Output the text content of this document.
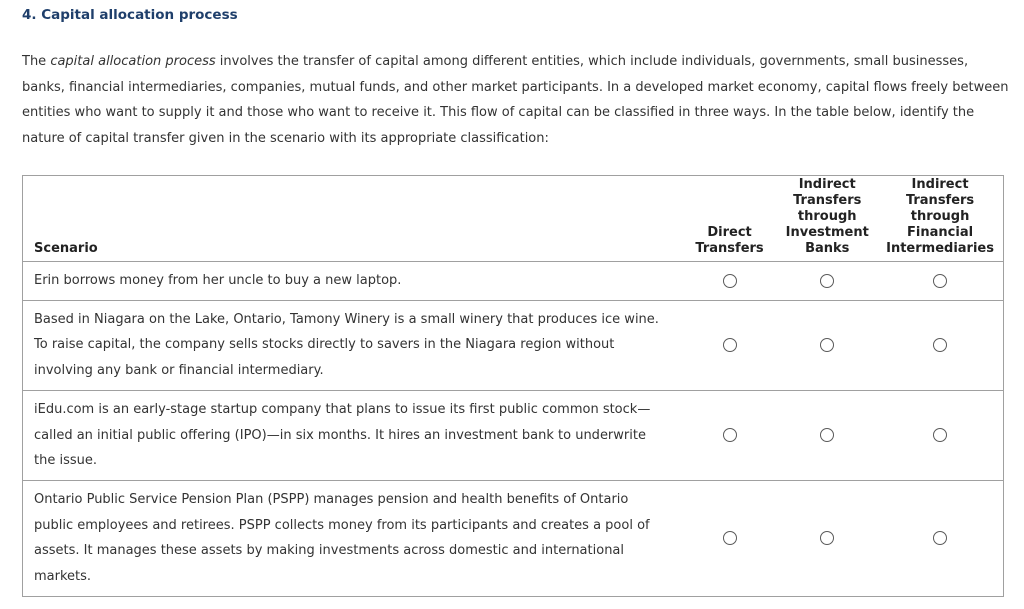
4. Capital allocation process
The capital allocation process involves the transfer of capital among different entities, which include individuals, governments, small businesses, banks, financial intermediaries, companies, mutual funds, and other market participants. In a developed market economy, capital flows freely between entities who want to supply it and those who want to receive it. This flow of capital can be classified in three ways. In the table below, identify the nature of capital transfer given in the scenario with its appropriate classification:
Scenario	Direct Transfers	Indirect Transfers through Investment Banks	Indirect Transfers through Financial Intermediaries

Erin borrows money from her uncle to buy a new laptop.			
Based in Niagara on the Lake, Ontario, Tamony Winery is a small winery that produces ice wine. To raise capital, the company sells stocks directly to savers in the Niagara region without involving any bank or financial intermediary.			
iEdu.com is an early-stage startup company that plans to issue its first public common stock—called an initial public offering (IPO)—in six months. It hires an investment bank to underwrite the issue.			
Ontario Public Service Pension Plan (PSPP) manages pension and health benefits of Ontario public employees and retirees. PSPP collects money from its participants and creates a pool of assets. It manages these assets by making investments across domestic and international markets.			
